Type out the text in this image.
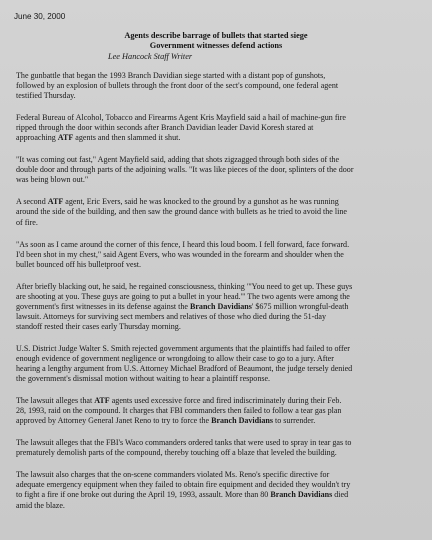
June 30, 2000
Agents describe barrage of bullets that started siege
Government witnesses defend actions
Lee Hancock Staff Writer

The gunbattle that began the 1993 Branch Davidian siege started with a distant pop of gunshots,
followed by an explosion of bullets through the front door of the sect's compound, one federal agent
testified Thursday.

Federal Bureau of Alcohol, Tobacco and Firearms Agent Kris Mayfield said a hail of machine-gun fire
ripped through the door within seconds after Branch Davidian leader David Koresh stared at
approaching ATF agents and then slammed it shut.

"It was coming out fast," Agent Mayfield said, adding that shots zigzagged through both sides of the
double door and through parts of the adjoining walls. "It was like pieces of the door, splinters of the door
was being blown out."

A second ATF agent, Eric Evers, said he was knocked to the ground by a gunshot as he was running
around the side of the building, and then saw the ground dance with bullets as he tried to avoid the line
of fire.

"As soon as I came around the corner of this fence, I heard this loud boom. I fell forward, face forward.
I'd been shot in my chest," said Agent Evers, who was wounded in the forearm and shoulder when the
bullet bounced off his bulletproof vest.

After briefly blacking out, he said, he regained consciousness, thinking "'You need to get up. These guys
are shooting at you. These guys are going to put a bullet in your head.'" The two agents were among the
government's first witnesses in its defense against the Branch Davidians' $675 million wrongful-death
lawsuit. Attorneys for surviving sect members and relatives of those who died during the 51-day
standoff rested their cases early Thursday morning.

U.S. District Judge Walter S. Smith rejected government arguments that the plaintiffs had failed to offer
enough evidence of government negligence or wrongdoing to allow their case to go to a jury. After
hearing a lengthy argument from U.S. Attorney Michael Bradford of Beaumont, the judge tersely denied
the government's dismissal motion without waiting to hear a plaintiff response.

The lawsuit alleges that ATF agents used excessive force and fired indiscriminately during their Feb.
28, 1993, raid on the compound. It charges that FBI commanders then failed to follow a tear gas plan
approved by Attorney General Janet Reno to try to force the Branch Davidians to surrender.

The lawsuit alleges that the FBI's Waco commanders ordered tanks that were used to spray in tear gas to
prematurely demolish parts of the compound, thereby touching off a blaze that leveled the building.

The lawsuit also charges that the on-scene commanders violated Ms. Reno's specific directive for
adequate emergency equipment when they failed to obtain fire equipment and decided they wouldn't try
to fight a fire if one broke out during the April 19, 1993, assault. More than 80 Branch Davidians died
amid the blaze.
